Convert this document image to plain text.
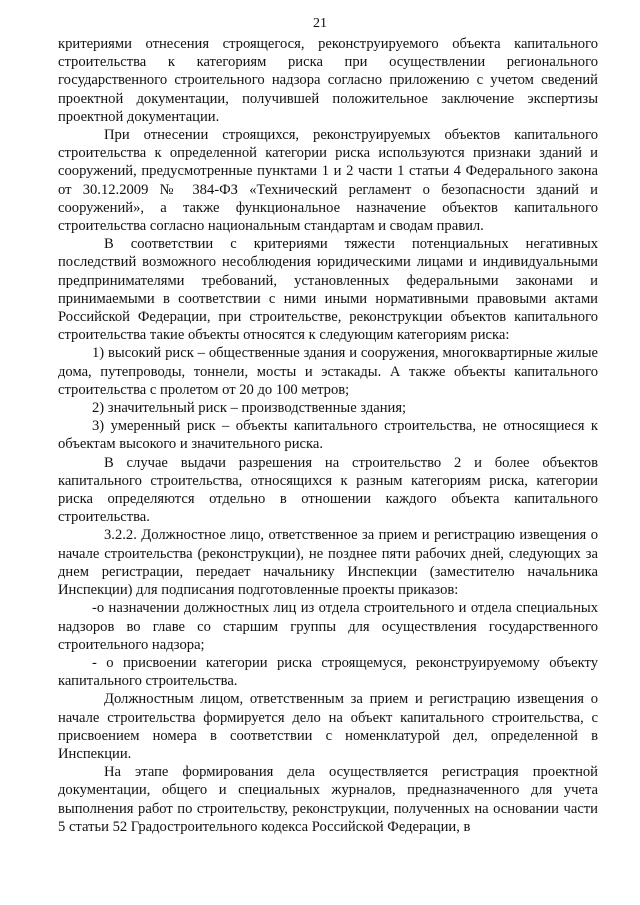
21

критериями отнесения строящегося, реконструируемого объекта капитального строительства к категориям риска при осуществлении регионального государственного строительного надзора согласно приложению с учетом сведений проектной документации, получившей положительное заключение экспертизы проектной документации.

При отнесении строящихся, реконструируемых объектов капитального строительства к определенной категории риска используются признаки зданий и сооружений, предусмотренные пунктами 1 и 2 части 1 статьи 4 Федерального закона от 30.12.2009 № 384-ФЗ «Технический регламент о безопасности зданий и сооружений», а также функциональное назначение объектов капитального строительства согласно национальным стандартам и сводам правил.

В соответствии с критериями тяжести потенциальных негативных последствий возможного несоблюдения юридическими лицами и индивидуальными предпринимателями требований, установленных федеральными законами и принимаемыми в соответствии с ними иными нормативными правовыми актами Российской Федерации, при строительстве, реконструкции объектов капитального строительства такие объекты относятся к следующим категориям риска:

1) высокий риск – общественные здания и сооружения, многоквартирные жилые дома, путепроводы, тоннели, мосты и эстакады. А также объекты капитального строительства с пролетом от 20 до 100 метров;

2) значительный риск – производственные здания;

3) умеренный риск – объекты капитального строительства, не относящиеся к объектам высокого и значительного риска.

В случае выдачи разрешения на строительство 2 и более объектов капитального строительства, относящихся к разным категориям риска, категории риска определяются отдельно в отношении каждого объекта капитального строительства.

3.2.2. Должностное лицо, ответственное за прием и регистрацию извещения о начале строительства (реконструкции), не позднее пяти рабочих дней, следующих за днем регистрации, передает начальнику Инспекции (заместителю начальника Инспекции) для подписания подготовленные проекты приказов:

-о назначении должностных лиц из отдела строительного и отдела специальных надзоров во главе со старшим группы для осуществления государственного строительного надзора;

- о присвоении категории риска строящемуся, реконструируемому объекту капитального строительства.

Должностным лицом, ответственным за прием и регистрацию извещения о начале строительства формируется дело на объект капитального строительства, с присвоением номера в соответствии с номенклатурой дел, определенной в Инспекции.

На этапе формирования дела осуществляется регистрация проектной документации, общего и специальных журналов, предназначенного для учета выполнения работ по строительству, реконструкции, полученных на основании части 5 статьи 52 Градостроительного кодекса Российской Федерации, в
